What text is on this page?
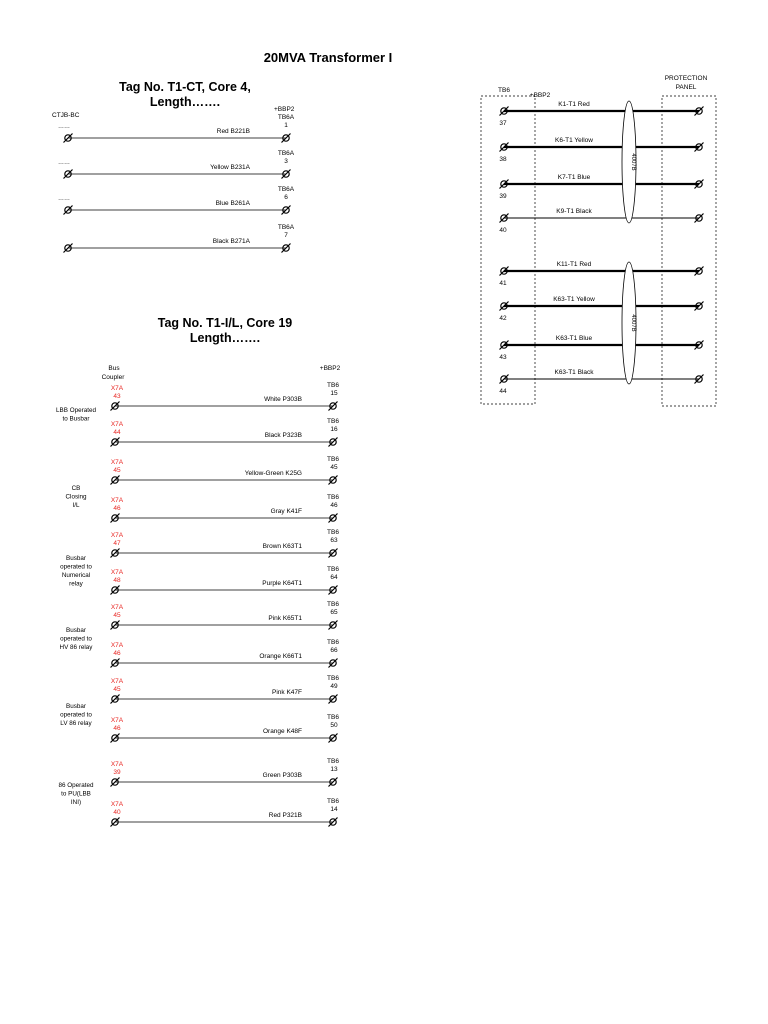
20MVA Transformer I
Tag No. T1-CT, Core 4,
Length…….
Tag No. T1-I/L, Core 19
Length…….
CTJB-BC
+BBP2
……
Red B221B
TB6A
1
……
Yellow B231A
TB6A
3
……
Blue B261A
TB6A
6
Black B271A
TB6A
7
Bus
Coupler
+BBP2
X7A
43	White P303B
TB6
15
X7A
44	Black P323B
TB6
16
X7A
45	Yellow-Green K25G
TB6
45
X7A
46	Gray K41F
TB6
46
X7A
47	Brown K63T1
TB6
63
X7A
48	Purple K64T1
TB6
64
X7A
45	Pink K65T1
TB6
65
X7A
46	Orange K66T1
TB6
66
X7A
45	Pink K47F
TB6
49
X7A
46	Orange K48F
TB6
50
X7A
39	Green P303B
TB6
13
X7A
40	Red P321B
TB6
14
LBB Operated
to Busbar
CB
Closing
I/L
Busbar
operated to
Numerical
relay
Busbar
operated to
HV 86 relay
Busbar
operated to
LV 86 relay
86 Operated
to PU(LBB
INI)
TB6
+BBP2
PROTECTION
PANEL
K1-T1 Red
37
K6-T1 Yellow
38
K7-T1 Blue
39
K9-T1 Black
40
K11-T1 Red
41
K63-T1 Yellow
42
K63-T1 Blue
43
K63-T1 Black
44
4007B
4007B
